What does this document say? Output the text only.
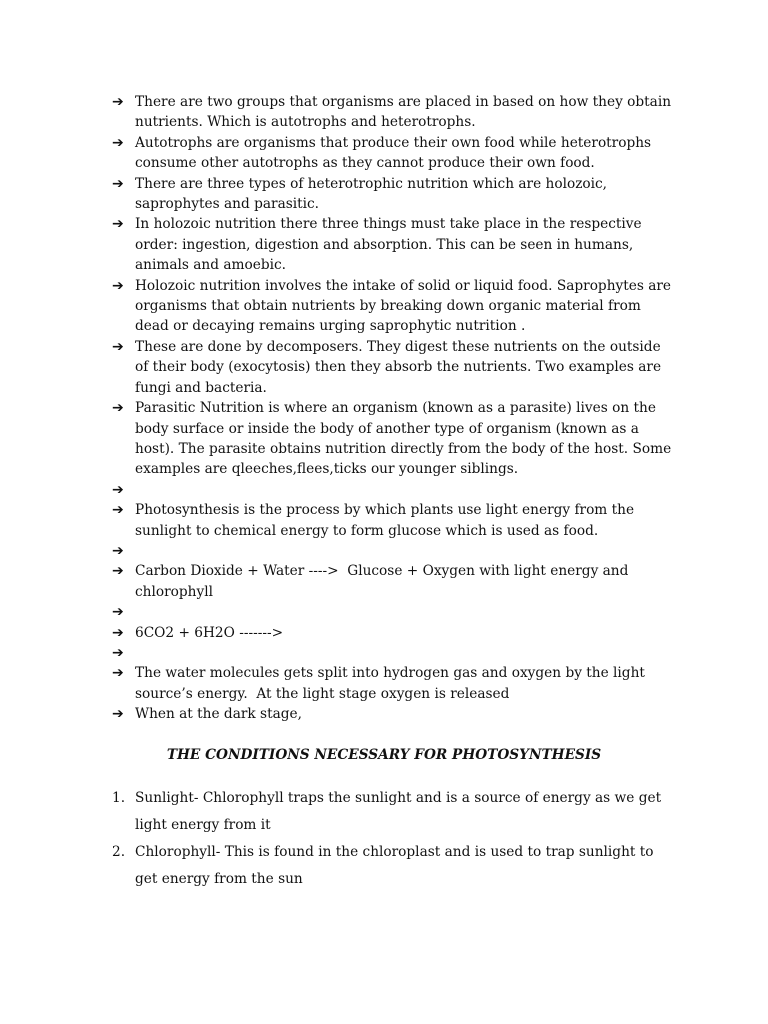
➔ There are two groups that organisms are placed in based on how they obtain nutrients. Which is autotrophs and heterotrophs.
➔ Autotrophs are organisms that produce their own food while heterotrophs consume other autotrophs as they cannot produce their own food.
➔ There are three types of heterotrophic nutrition which are holozoic, saprophytes and parasitic.
➔ In holozoic nutrition there three things must take place in the respective order: ingestion, digestion and absorption. This can be seen in humans, animals and amoebic.
➔ Holozoic nutrition involves the intake of solid or liquid food. Saprophytes are organisms that obtain nutrients by breaking down organic material from dead or decaying remains urging saprophytic nutrition .
➔ These are done by decomposers. They digest these nutrients on the outside of their body (exocytosis) then they absorb the nutrients. Two examples are fungi and bacteria.
➔ Parasitic Nutrition is where an organism (known as a parasite) lives on the body surface or inside the body of another type of organism (known as a host). The parasite obtains nutrition directly from the body of the host. Some examples are qleeches,flees,ticks our younger siblings.
➔
➔ Photosynthesis is the process by which plants use light energy from the sunlight to chemical energy to form glucose which is used as food.
➔
➔ Carbon Dioxide + Water ---->  Glucose + Oxygen with light energy and chlorophyll
➔
➔ 6CO2 + 6H2O ------->
➔
➔ The water molecules gets split into hydrogen gas and oxygen by the light source’s energy.  At the light stage oxygen is released
➔ When at the dark stage,
THE CONDITIONS NECESSARY FOR PHOTOSYNTHESIS
1. Sunlight- Chlorophyll traps the sunlight and is a source of energy as we get light energy from it
2. Chlorophyll- This is found in the chloroplast and is used to trap sunlight to get energy from the sun
